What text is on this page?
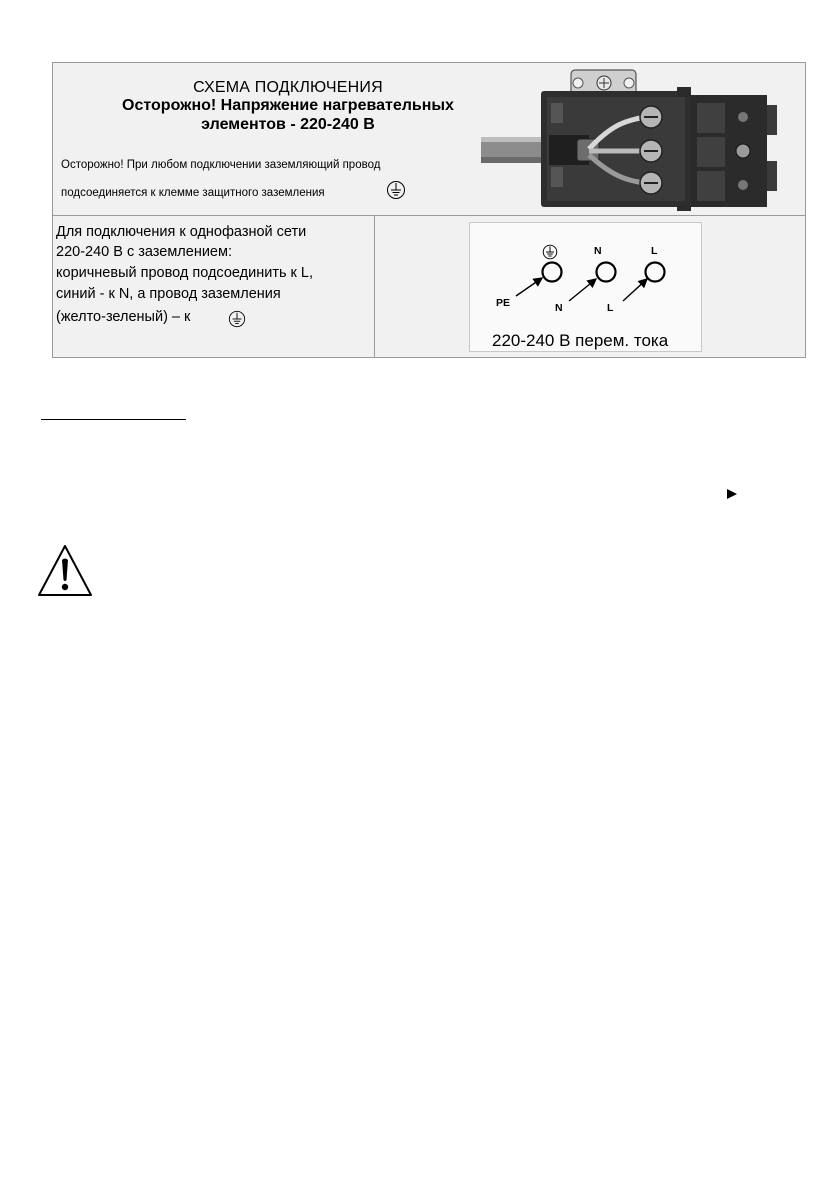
СХЕМА ПОДКЛЮЧЕНИЯ
Осторожно! Напряжение нагревательных
элементов - 220-240 В
Осторожно! При любом подключении заземляющий провод
подсоединяется к клемме защитного заземления
Для подключения к однофазной сети
220-240 В с заземлением:
коричневый провод подсоединить к L,
синий - к N, а провод заземления
(желто-зеленый) – к
N	L
PE	N	L
220-240 В перем. тока
